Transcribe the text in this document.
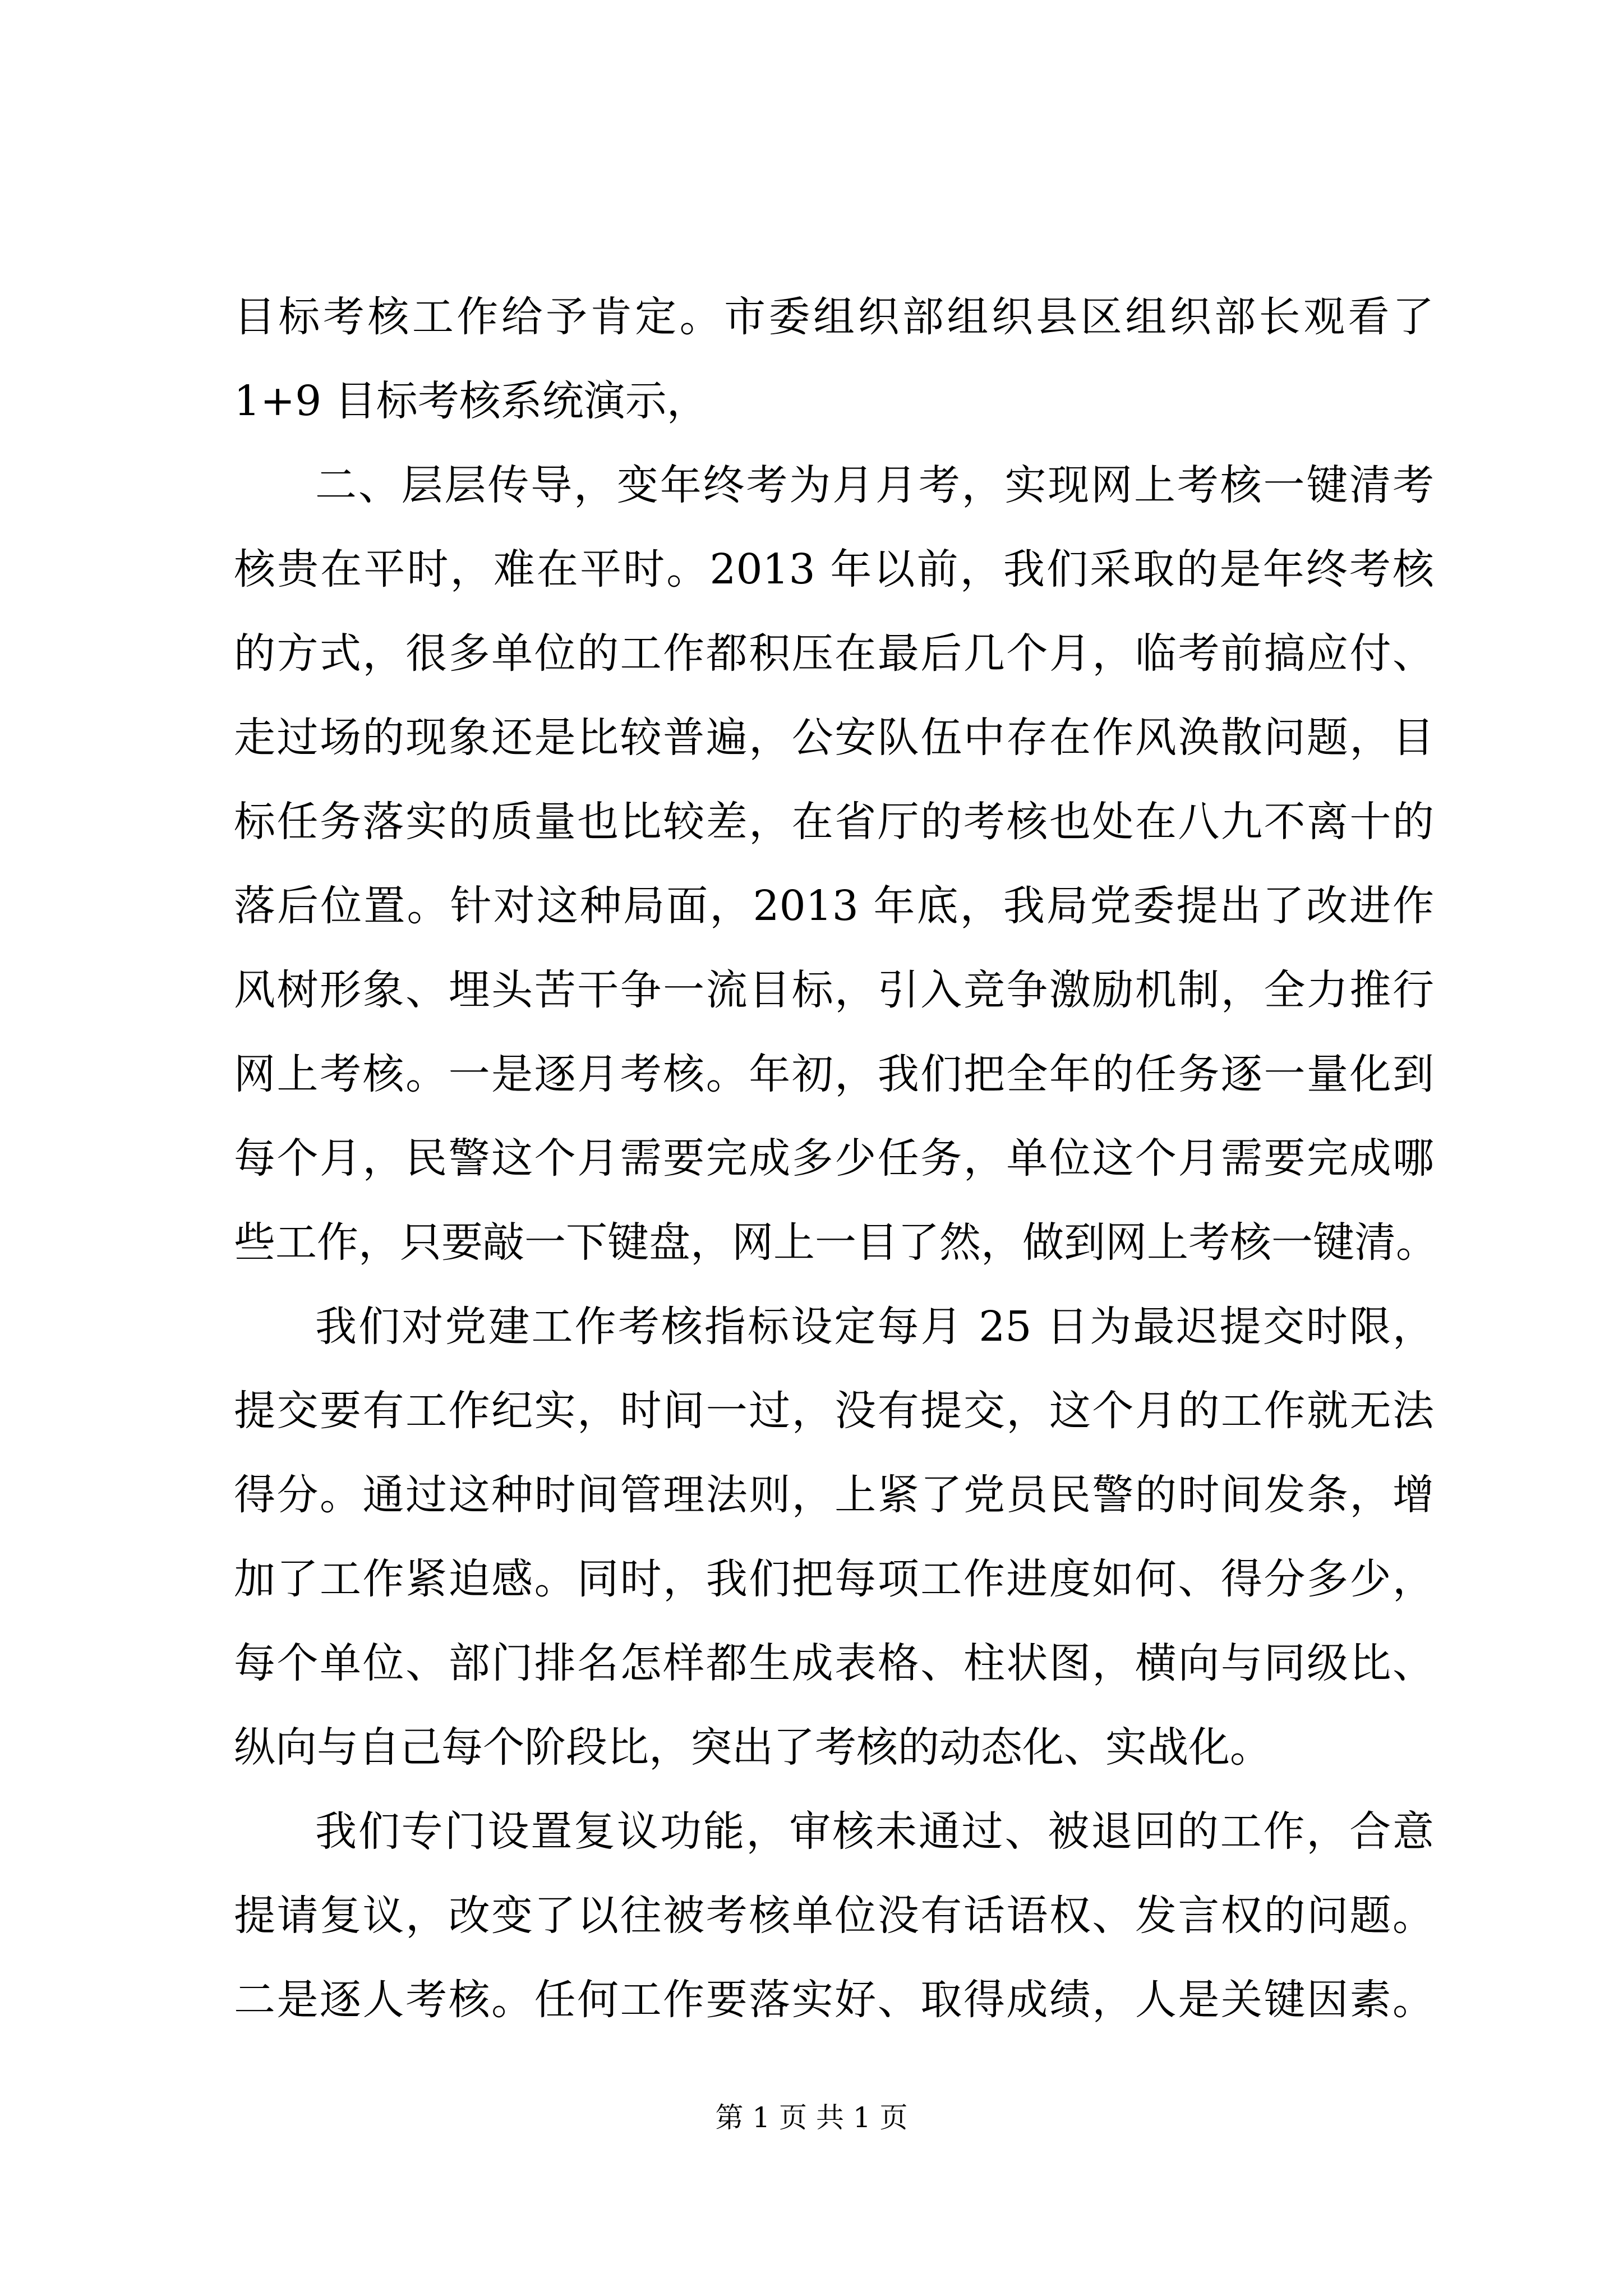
目标考核工作给予肯定。市委组织部组织县区组织部长观看了
1+9 目标考核系统演示，
二、层层传导，变年终考为月月考，实现网上考核一键清考
核贵在平时，难在平时。2013 年以前，我们采取的是年终考核
的方式，很多单位的工作都积压在最后几个月，临考前搞应付、
走过场的现象还是比较普遍，公安队伍中存在作风涣散问题，目
标任务落实的质量也比较差，在省厅的考核也处在八九不离十的
落后位置。针对这种局面，2013 年底，我局党委提出了改进作
风树形象、埋头苦干争一流目标，引入竞争激励机制，全力推行
网上考核。一是逐月考核。年初，我们把全年的任务逐一量化到
每个月，民警这个月需要完成多少任务，单位这个月需要完成哪
些工作，只要敲一下键盘，网上一目了然，做到网上考核一键清。
我们对党建工作考核指标设定每月 25 日为最迟提交时限，
提交要有工作纪实，时间一过，没有提交，这个月的工作就无法
得分。通过这种时间管理法则，上紧了党员民警的时间发条，增
加了工作紧迫感。同时，我们把每项工作进度如何、得分多少，
每个单位、部门排名怎样都生成表格、柱状图，横向与同级比、
纵向与自己每个阶段比，突出了考核的动态化、实战化。
我们专门设置复议功能，审核未通过、被退回的工作，合意
提请复议，改变了以往被考核单位没有话语权、发言权的问题。
二是逐人考核。任何工作要落实好、取得成绩，人是关键因素。
第 1 页 共 1 页
